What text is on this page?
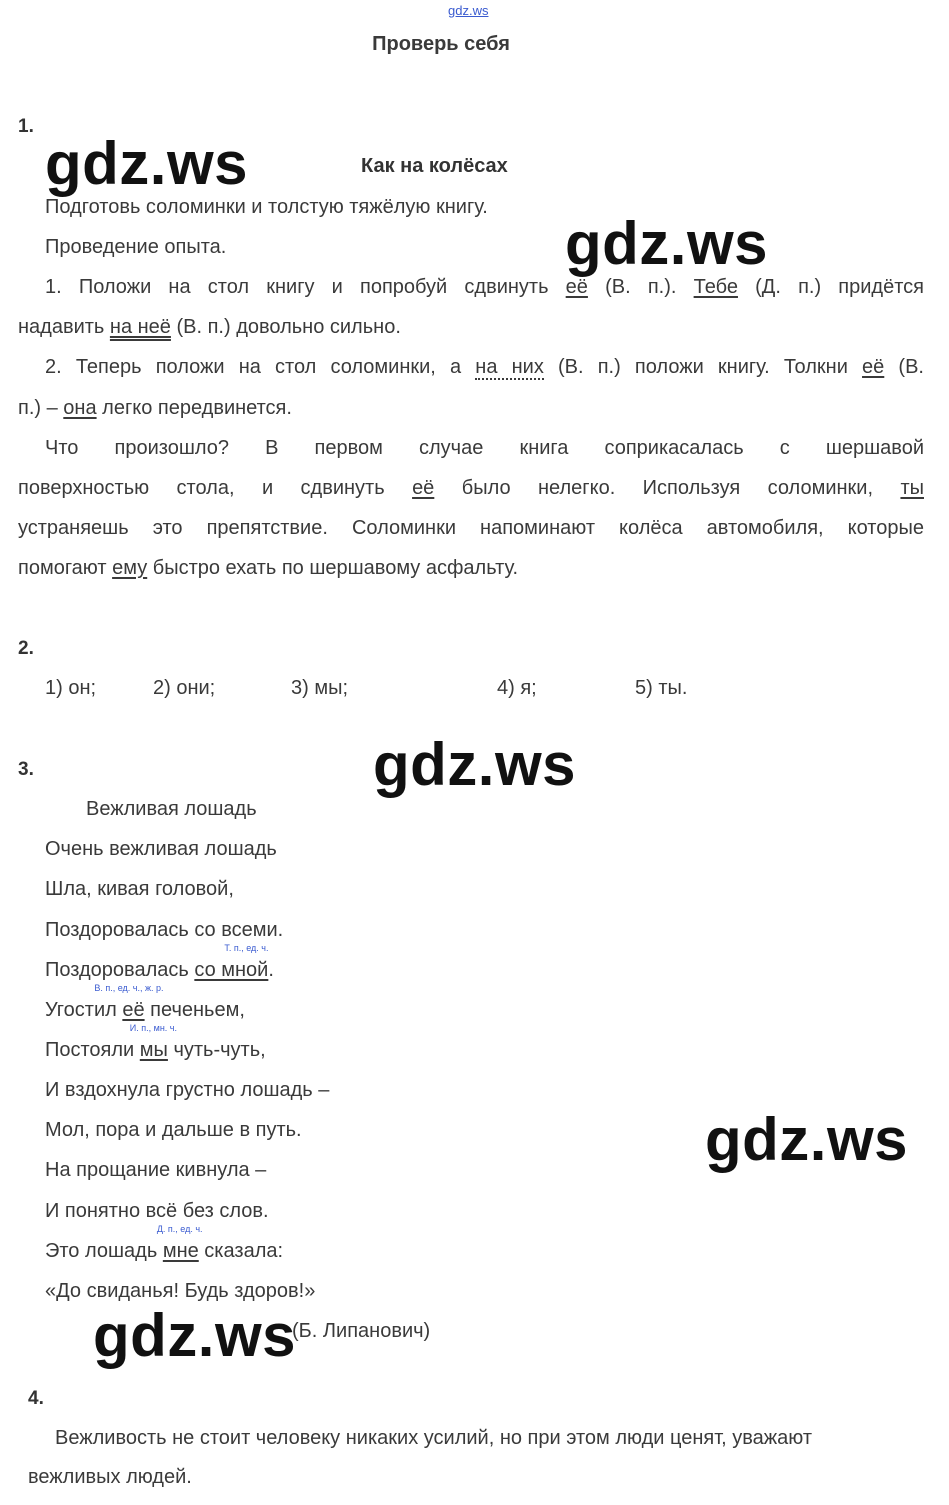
gdz.ws
Проверь себя
1.
gdz.ws	Как на колёсах
Подготовь соломинки и толстую тяжёлую книгу.
gdz.ws
Проведение опыта.
1. Положи на стол книгу и попробуй сдвинуть её (В. п.). Тебе (Д. п.) придётся
надавить на неё (В. п.) довольно сильно.
2. Теперь положи на стол соломинки, а на них (В. п.) положи книгу. Толкни её (В.
п.) – она легко передвинется.
Что произошло? В первом случае книга соприкасалась с шершавой
поверхностью стола, и сдвинуть её было нелегко. Используя соломинки, ты
устраняешь это препятствие. Соломинки напоминают колёса автомобиля, которые
помогают ему быстро ехать по шершавому асфальту.
2.
1) он;	2) они;	3) мы;	4) я;	5) ты.
3.	gdz.ws
Вежливая лошадь
Очень вежливая лошадь
Шла, кивая головой,
Поздоровалась со всеми.
Поздоровалась
Т. п., ед. ч.
со мной.
Угостил
В. п., ед. ч., ж. р.
её печеньем,
Постояли
И. п., мн. ч.
мы чуть-чуть,
И вздохнула грустно лошадь –
Мол, пора и дальше в путь.	gdz.ws
На прощание кивнула –
И понятно всё без слов.
Это лошадь
Д. п., ед. ч.
мне сказала:
«До свиданья! Будь здоров!»
gdz.ws
(Б. Липанович)
4.
Вежливость не стоит человеку никаких усилий, но при этом люди ценят, уважают
вежливых людей.
